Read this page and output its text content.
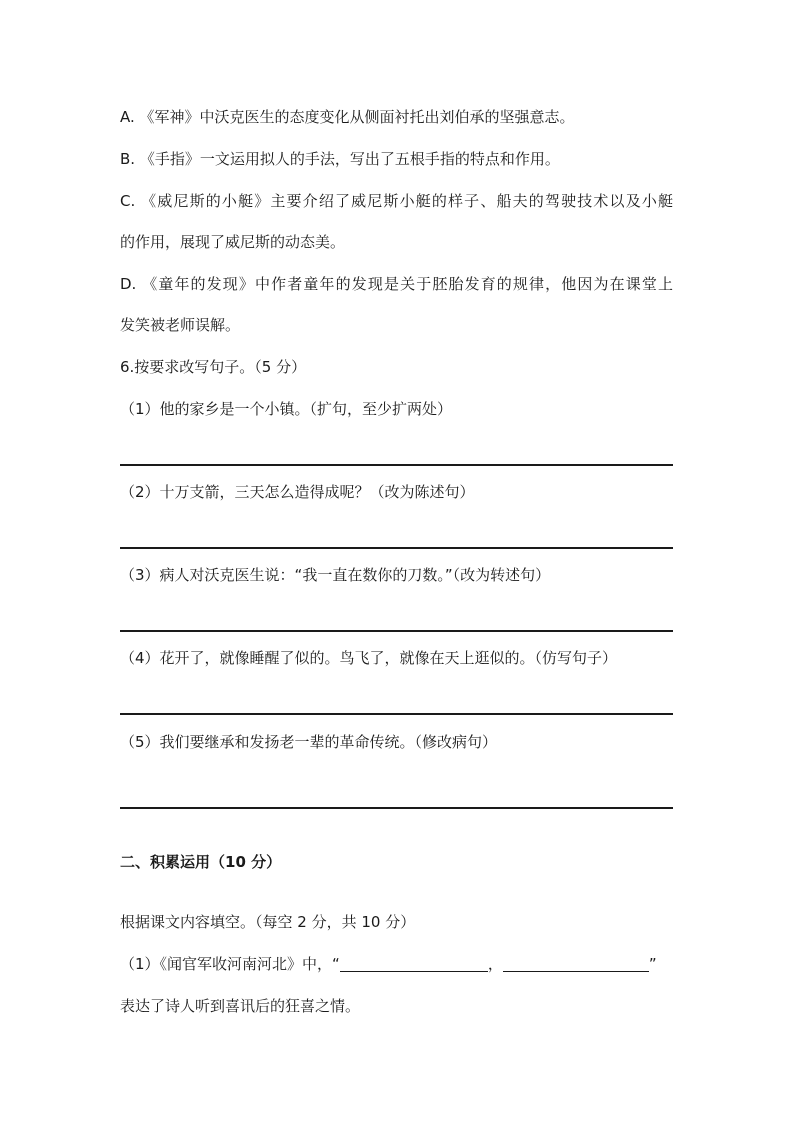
A. 《军神》中沃克医生的态度变化从侧面衬托出刘伯承的坚强意志。
B. 《手指》一文运用拟人的手法，写出了五根手指的特点和作用。
C. 《威尼斯的小艇》主要介绍了威尼斯小艇的样子、船夫的驾驶技术以及小艇
的作用，展现了威尼斯的动态美。
D. 《童年的发现》中作者童年的发现是关于胚胎发育的规律，他因为在课堂上
发笑被老师误解。
6.按要求改写句子。（5 分）
（1）他的家乡是一个小镇。（扩句，至少扩两处）
（2）十万支箭，三天怎么造得成呢？（改为陈述句）
（3）病人对沃克医生说：“我一直在数你的刀数。”（改为转述句）
（4）花开了，就像睡醒了似的。鸟飞了，就像在天上逛似的。（仿写句子）
（5）我们要继承和发扬老一辈的革命传统。（修改病句）
二、积累运用（10 分）
根据课文内容填空。（每空 2 分，共 10 分）
（1）《闻官军收河南河北》中，“	，	”
表达了诗人听到喜讯后的狂喜之情。
